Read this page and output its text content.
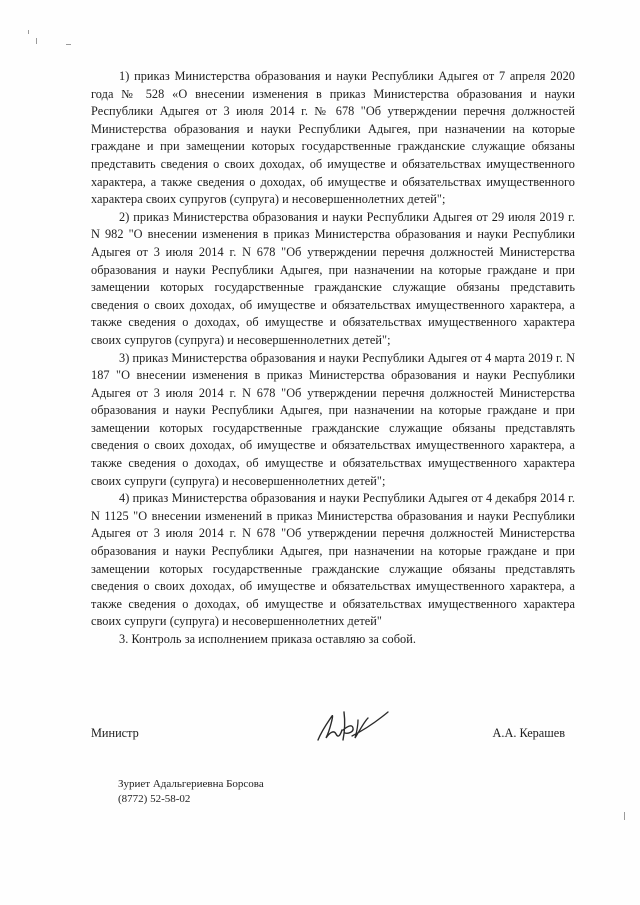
1) приказ Министерства образования и науки Республики Адыгея от 7 апреля 2020 года № 528 «О внесении изменения в приказ Министерства образования и науки Республики Адыгея от 3 июля 2014 г. № 678 "Об утверждении перечня должностей Министерства образования и науки Республики Адыгея, при назначении на которые граждане и при замещении которых государственные гражданские служащие обязаны представить сведения о своих доходах, об имуществе и обязательствах имущественного характера, а также сведения о доходах, об имуществе и обязательствах имущественного характера своих супругов (супруга) и несовершеннолетних детей";

2) приказ Министерства образования и науки Республики Адыгея от 29 июля 2019 г. N 982 "О внесении изменения в приказ Министерства образования и науки Республики Адыгея от 3 июля 2014 г. N 678 "Об утверждении перечня должностей Министерства образования и науки Республики Адыгея, при назначении на которые граждане и при замещении которых государственные гражданские служащие обязаны представить сведения о своих доходах, об имуществе и обязательствах имущественного характера, а также сведения о доходах, об имуществе и обязательствах имущественного характера своих супругов (супруга) и несовершеннолетних детей";

3) приказ Министерства образования и науки Республики Адыгея от 4 марта 2019 г. N 187 "О внесении изменения в приказ Министерства образования и науки Республики Адыгея от 3 июля 2014 г. N 678 "Об утверждении перечня должностей Министерства образования и науки Республики Адыгея, при назначении на которые граждане и при замещении которых государственные гражданские служащие обязаны представлять сведения о своих доходах, об имуществе и обязательствах имущественного характера, а также сведения о доходах, об имуществе и обязательствах имущественного характера своих супруги (супруга) и несовершеннолетних детей";

4) приказ Министерства образования и науки Республики Адыгея от 4 декабря 2014 г. N 1125 "О внесении изменений в приказ Министерства образования и науки Республики Адыгея от 3 июля 2014 г. N 678 "Об утверждении перечня должностей Министерства образования и науки Республики Адыгея, при назначении на которые граждане и при замещении которых государственные гражданские служащие обязаны представлять сведения о своих доходах, об имуществе и обязательствах имущественного характера, а также сведения о доходах, об имуществе и обязательствах имущественного характера своих супруги (супруга) и несовершеннолетних детей"

3. Контроль за исполнением приказа оставляю за собой.

Министр	А.А. Керашев
Зуриет Адальгериевна Борсова
(8772) 52-58-02
